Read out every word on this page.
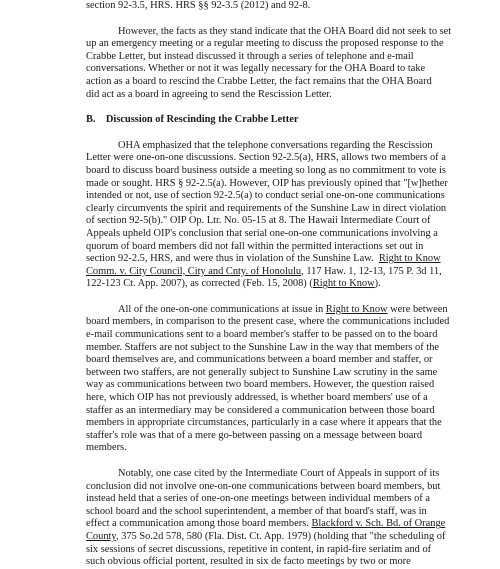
section 92-3.5, HRS. HRS §§ 92-3.5 (2012) and 92-8.
However, the facts as they stand indicate that the OHA Board did not seek to set
up an emergency meeting or a regular meeting to discuss the proposed response to the
Crabbe Letter, but instead discussed it through a series of telephone and e-mail
conversations. Whether or not it was legally necessary for the OHA Board to take
action as a board to rescind the Crabbe Letter, the fact remains that the OHA Board
did act as a board in agreeing to send the Rescission Letter.
B. Discussion of Rescinding the Crabbe Letter
OHA emphasized that the telephone conversations regarding the Rescission
Letter were one-on-one discussions. Section 92-2.5(a), HRS, allows two members of a
board to discuss board business outside a meeting so long as no commitment to vote is
made or sought. HRS § 92-2.5(a). However, OIP has previously opined that "[w]hether
intended or not, use of section 92-2.5(a) to conduct serial one-on-one communications
clearly circumvents the spirit and requirements of the Sunshine Law in direct violation
of section 92-5(b)." OIP Op. Ltr. No. 05-15 at 8. The Hawaii Intermediate Court of
Appeals upheld OIP's conclusion that serial one-on-one communications involving a
quorum of board members did not fall within the permitted interactions set out in
section 92-2.5, HRS, and were thus in violation of the Sunshine Law. Right to Know
Comm. v. City Council, City and Cnty. of Honolulu, 117 Haw. 1, 12-13, 175 P. 3d 11,
122-123 Ct. App. 2007), as corrected (Feb. 15, 2008) (Right to Know).
All of the one-on-one communications at issue in Right to Know were between
board members, in comparison to the present case, where the communications included
e-mail communications sent to a board member's staffer to be passed on to the board
member. Staffers are not subject to the Sunshine Law in the way that members of the
board themselves are, and communications between a board member and staffer, or
between two staffers, are not generally subject to Sunshine Law scrutiny in the same
way as communications between two board members. However, the question raised
here, which OIP has not previously addressed, is whether board members' use of a
staffer as an intermediary may be considered a communication between those board
members in appropriate circumstances, particularly in a case where it appears that the
staffer's role was that of a mere go-between passing on a message between board
members.
Notably, one case cited by the Intermediate Court of Appeals in support of its
conclusion did not involve one-on-one communications between board members, but
instead held that a series of one-on-one meetings between individual members of a
school board and the school superintendent, a member of that board's staff, was in
effect a communication among those board members. Blackford v. Sch. Bd. of Orange
County, 375 So.2d 578, 580 (Fla. Dist. Ct. App. 1979) (holding that "the scheduling of
six sessions of secret discussions, repetitive in content, in rapid-fire seriatim and of
such obvious official portent, resulted in six de facto meetings by two or more
